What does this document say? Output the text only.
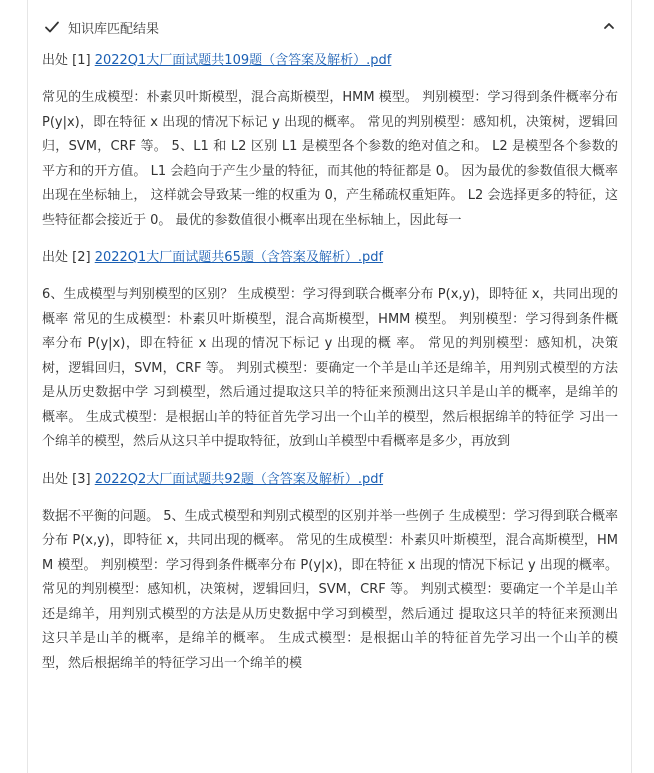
知识库匹配结果
出处 [1] 2022Q1大厂面试题共109题（含答案及解析）.pdf

常见的生成模型：朴素贝叶斯模型，混合高斯模型，HMM 模型。 判别模型：学习得到条件概率分布 P(y|x)，即在特征 x 出现的情况下标记 y 出现的概率。 常见的判别模型：感知机，决策树，逻辑回归，SVM，CRF 等。 5、L1 和 L2 区别 L1 是模型各个参数的绝对值之和。 L2 是模型各个参数的平方和的开方值。 L1 会趋向于产生少量的特征，而其他的特征都是 0。 因为最优的参数值很大概率出现在坐标轴上， 这样就会导致某一维的权重为 0，产生稀疏权重矩阵。 L2 会选择更多的特征，这些特征都会接近于 0。 最优的参数值很小概率出现在坐标轴上，因此每一

出处 [2] 2022Q1大厂面试题共65题（含答案及解析）.pdf

6、生成模型与判别模型的区别？ 生成模型：学习得到联合概率分布 P(x,y)，即特征 x，共同出现的概率 常见的生成模型：朴素贝叶斯模型，混合高斯模型，HMM 模型。 判别模型：学习得到条件概率分布 P(y|x)，即在特征 x 出现的情况下标记 y 出现的概 率。 常见的判别模型：感知机，决策树，逻辑回归，SVM，CRF 等。 判别式模型：要确定一个羊是山羊还是绵羊，用判别式模型的方法是从历史数据中学 习到模型，然后通过提取这只羊的特征来预测出这只羊是山羊的概率，是绵羊的概率。 生成式模型：是根据山羊的特征首先学习出一个山羊的模型，然后根据绵羊的特征学 习出一个绵羊的模型，然后从这只羊中提取特征，放到山羊模型中看概率是多少，再放到

出处 [3] 2022Q2大厂面试题共92题（含答案及解析）.pdf

数据不平衡的问题。 5、生成式模型和判别式模型的区别并举一些例子 生成模型：学习得到联合概率分布 P(x,y)，即特征 x，共同出现的概率。 常见的生成模型：朴素贝叶斯模型，混合高斯模型，HMM 模型。 判别模型：学习得到条件概率分布 P(y|x)，即在特征 x 出现的情况下标记 y 出现的概率。 常见的判别模型：感知机，决策树，逻辑回归，SVM，CRF 等。 判别式模型：要确定一个羊是山羊还是绵羊，用判别式模型的方法是从历史数据中学习到模型，然后通过 提取这只羊的特征来预测出这只羊是山羊的概率，是绵羊的概率。 生成式模型：是根据山羊的特征首先学习出一个山羊的模型，然后根据绵羊的特征学习出一个绵羊的模
